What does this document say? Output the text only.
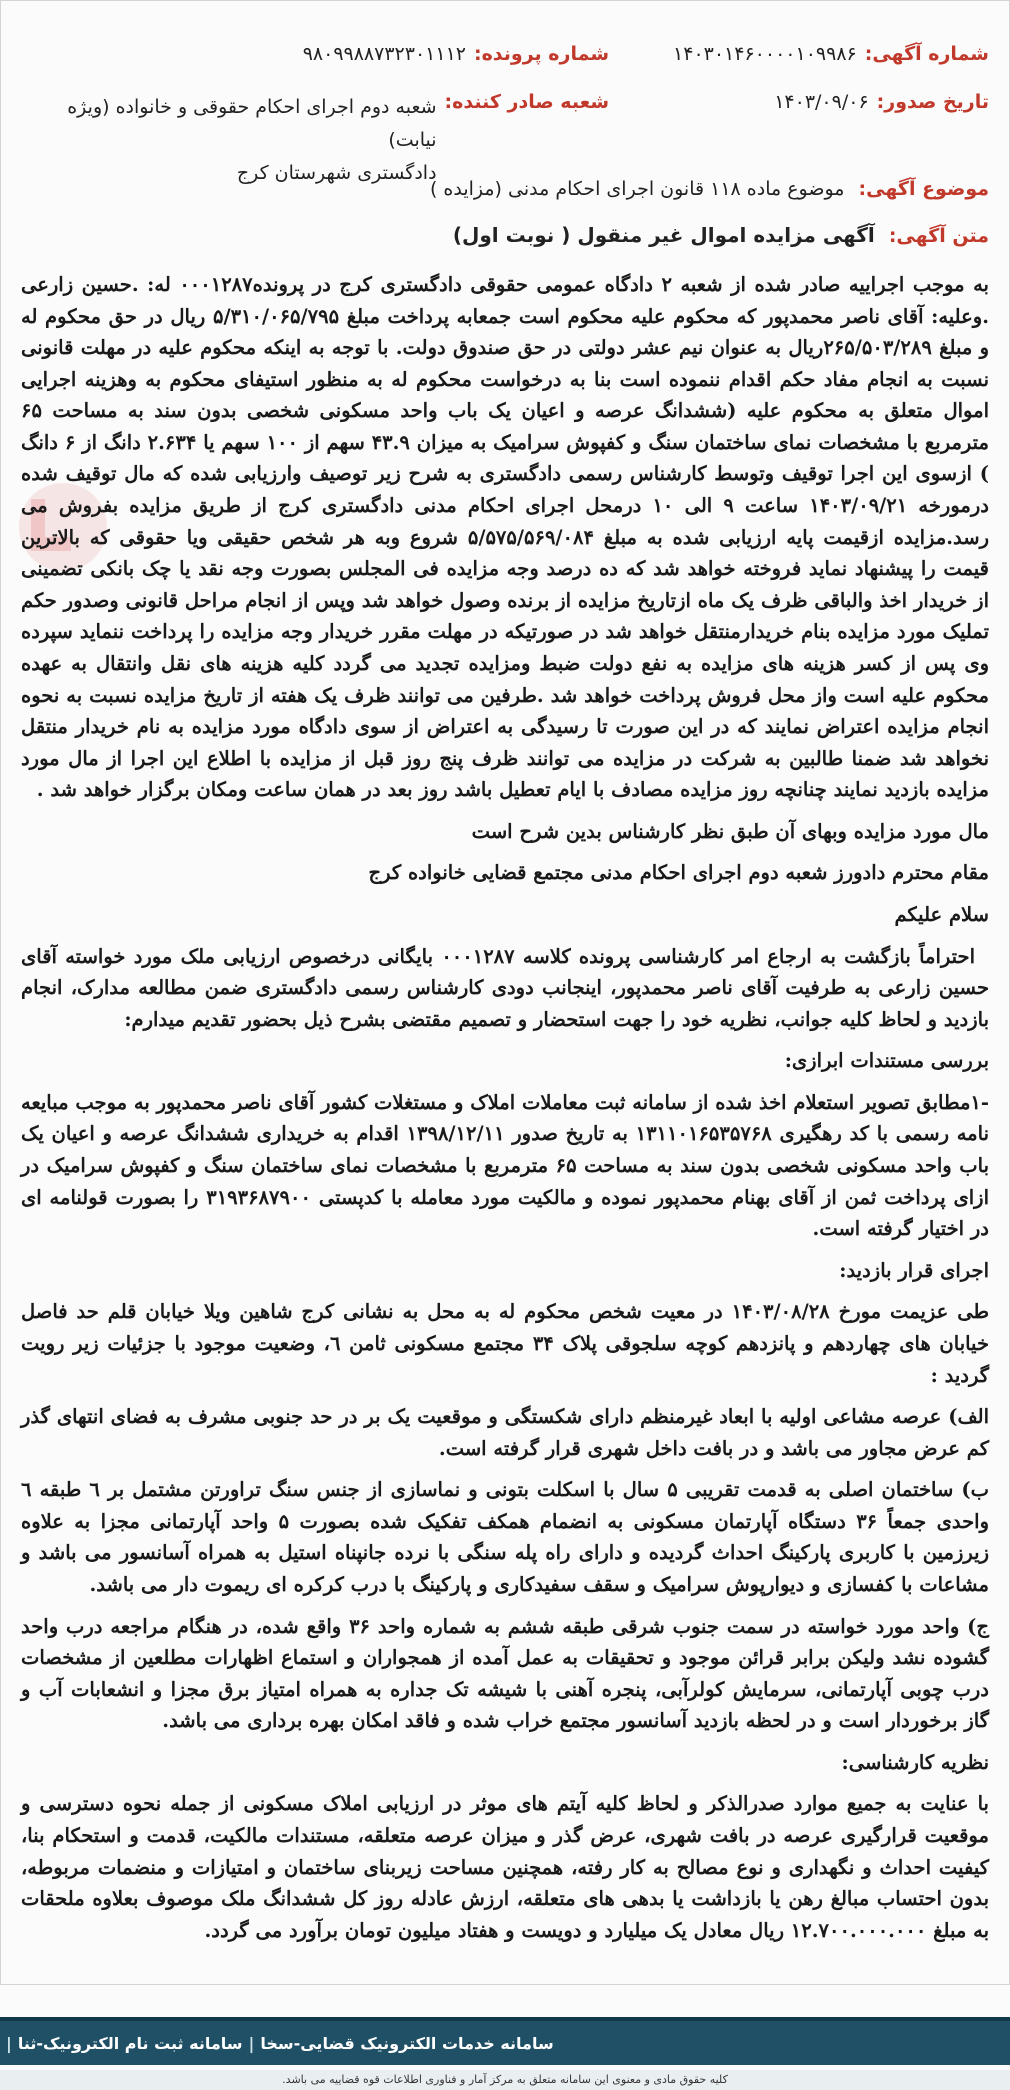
شماره آگهی:
۱۴۰۳۰۱۴۶۰۰۰۰۱۰۹۹۸۶
شماره پرونده:
۹۸۰۹۹۸۸۷۳۲۳۰۱۱۱۲
تاریخ صدور:
۱۴۰۳/۰۹/۰۶
شعبه صادر کننده:
شعبه دوم اجرای احکام حقوقی و خانواده (ویژه نیابت)
دادگستری شهرستان کرج
موضوع آگهی: موضوع ماده ۱۱۸ قانون اجرای احکام مدنی (مزایده )
متن آگهی: آگهی مزایده اموال غیر منقول ( نوبت اول)

به موجب اجراییه صادر شده از شعبه ۲ دادگاه عمومی حقوقی دادگستری کرج در پرونده۰۰۰۱۲۸۷ له: .حسین زارعی .وعلیه: آقای ناصر محمدپور که محکوم علیه محکوم است جمعابه پرداخت مبلغ ۵/۳۱۰/۰۶۵/۷۹۵ ریال در حق محکوم له و مبلغ ۲۶۵/۵۰۳/۲۸۹ریال به عنوان نیم عشر دولتی در حق صندوق دولت. با توجه به اینکه محکوم علیه در مهلت قانونی نسبت به انجام مفاد حکم اقدام ننموده است بنا به درخواست محکوم له به منظور استیفای محکوم به وهزینه اجرایی اموال متعلق به محکوم علیه (ششدانگ عرصه و اعیان یک باب واحد مسکونی شخصی بدون سند به مساحت ۶۵ مترمربع با مشخصات نمای ساختمان سنگ و کفپوش سرامیک به میزان ۴۳.۹ سهم از ۱۰۰ سهم یا ۲.۶۳۴ دانگ از ۶ دانگ ) ازسوی این اجرا توقیف وتوسط کارشناس رسمی دادگستری به شرح زیر توصیف وارزیابی شده که مال توقیف شده درمورخه ۱۴۰۳/۰۹/۲۱ ساعت ۹ الی ۱۰ درمحل اجرای احکام مدنی دادگستری کرج از طریق مزایده بفروش می رسد.مزایده ازقیمت پایه ارزیابی شده به مبلغ ۵/۵۷۵/۵۶۹/۰۸۴ شروع وبه هر شخص حقیقی ویا حقوقی که بالاترین قیمت را پیشنهاد نماید فروخته خواهد شد که ده درصد وجه مزایده فی المجلس بصورت وجه نقد یا چک بانکی تضمینی از خریدار اخذ والباقی ظرف یک ماه ازتاریخ مزایده از برنده وصول خواهد شد وپس از انجام مراحل قانونی وصدور حکم تملیک مورد مزایده بنام خریدارمنتقل خواهد شد در صورتیکه در مهلت مقرر خریدار وجه مزایده را پرداخت ننماید سپرده وی پس از کسر هزینه های مزایده به نفع دولت ضبط ومزایده تجدید می گردد کلیه هزینه های نقل وانتقال به عهده محکوم علیه است واز محل فروش پرداخت خواهد شد .طرفین می توانند ظرف یک هفته از تاریخ مزایده نسبت به نحوه انجام مزایده اعتراض نمایند که در این صورت تا رسیدگی به اعتراض از سوی دادگاه مورد مزایده به نام خریدار منتقل نخواهد شد ضمنا طالبین به شرکت در مزایده می توانند ظرف پنج روز قبل از مزایده با اطلاع این اجرا از مال مورد مزایده بازدید نمایند چنانچه روز مزایده مصادف با ایام تعطیل باشد روز بعد در همان ساعت ومکان برگزار خواهد شد .

مال مورد مزایده وبهای آن طبق نظر کارشناس بدین شرح است

مقام محترم دادورز شعبه دوم اجرای احکام مدنی مجتمع قضایی خانواده کرج

سلام علیکم

احتراماً بازگشت به ارجاع امر کارشناسی پرونده کلاسه ۰۰۰۱۲۸۷ بایگانی درخصوص ارزیابی ملک مورد خواسته آقای حسین زارعی به طرفیت آقای ناصر محمدپور، اینجانب دودی کارشناس رسمی دادگستری ضمن مطالعه مدارک، انجام بازدید و لحاظ کلیه جوانب، نظریه خود را جهت استحضار و تصمیم مقتضی بشرح ذیل بحضور تقدیم میدارم:

بررسی مستندات ابرازی:

-۱مطابق تصویر استعلام اخذ شده از سامانه ثبت معاملات املاک و مستغلات کشور آقای ناصر محمدپور به موجب مبایعه نامه رسمی با کد رهگیری ۱۳۱۱۰۱۶۵۳۵۷۶۸ به تاریخ صدور ۱۳۹۸/۱۲/۱۱ اقدام به خریداری ششدانگ عرصه و اعیان یک باب واحد مسکونی شخصی بدون سند به مساحت ۶۵ مترمربع با مشخصات نمای ساختمان سنگ و کفپوش سرامیک در ازای پرداخت ثمن از آقای بهنام محمدپور نموده و مالکیت مورد معامله با کدپستی ۳۱۹۳۶۸۷۹۰۰ را بصورت قولنامه ای در اختیار گرفته است.

اجرای قرار بازدید:

طی عزیمت مورخ ۱۴۰۳/۰۸/۲۸ در معیت شخص محکوم له به محل به نشانی کرج شاهین ویلا خیابان قلم حد فاصل خیابان های چهاردهم و پانزدهم کوچه سلجوقی پلاک ۳۴ مجتمع مسکونی ثامن ٦، وضعیت موجود با جزئیات زیر رویت گردید :

الف) عرصه مشاعی اولیه با ابعاد غیرمنظم دارای شکستگی و موقعیت یک بر در حد جنوبی مشرف به فضای انتهای گذر کم عرض مجاور می باشد و در بافت داخل شهری قرار گرفته است.

ب) ساختمان اصلی به قدمت تقریبی ۵ سال با اسکلت بتونی و نماسازی از جنس سنگ تراورتن مشتمل بر ٦ طبقه ٦ واحدی جمعاً ۳۶ دستگاه آپارتمان مسکونی به انضمام همکف تفکیک شده بصورت ۵ واحد آپارتمانی مجزا به علاوه زیرزمین با کاربری پارکینگ احداث گردیده و دارای راه پله سنگی با نرده جانپناه استیل به همراه آسانسور می باشد و مشاعات با کفسازی و دیوارپوش سرامیک و سقف سفیدکاری و پارکینگ با درب کرکره ای ریموت دار می باشد.

ج) واحد مورد خواسته در سمت جنوب شرقی طبقه ششم به شماره واحد ۳۶ واقع شده، در هنگام مراجعه درب واحد گشوده نشد ولیکن برابر قرائن موجود و تحقیقات به عمل آمده از همجواران و استماع اظهارات مطلعین از مشخصات درب چوبی آپارتمانی، سرمایش کولرآبی، پنجره آهنی با شیشه تک جداره به همراه امتیاز برق مجزا و انشعابات آب و گاز برخوردار است و در لحظه بازدید آسانسور مجتمع خراب شده و فاقد امکان بهره برداری می باشد.

نظریه کارشناسی:

با عنایت به جمیع موارد صدرالذکر و لحاظ کلیه آیتم های موثر در ارزیابی املاک مسکونی از جمله نحوه دسترسی و موقعیت قرارگیری عرصه در بافت شهری، عرض گذر و میزان عرصه متعلقه، مستندات مالکیت، قدمت و استحکام بنا، کیفیت احداث و نگهداری و نوع مصالح به کار رفته، همچنین مساحت زیربنای ساختمان و امتیازات و منضمات مربوطه، بدون احتساب مبالغ رهن یا بازداشت یا بدهی های متعلقه، ارزش عادله روز کل ششدانگ ملک موصوف بعلاوه ملحقات به مبلغ ۱۲.۷۰۰.۰۰۰.۰۰۰ ریال معادل یک میلیارد و دویست و هفتاد میلیون تومان برآورد می گردد.

سامانه خدمات الکترونیک قضایی-سخا
|
سامانه ثبت نام الکترونیک-ثنا
|
کلیه حقوق مادی و معنوی این سامانه متعلق به مرکز آمار و فناوری اطلاعات قوه قضاییه می باشد.
